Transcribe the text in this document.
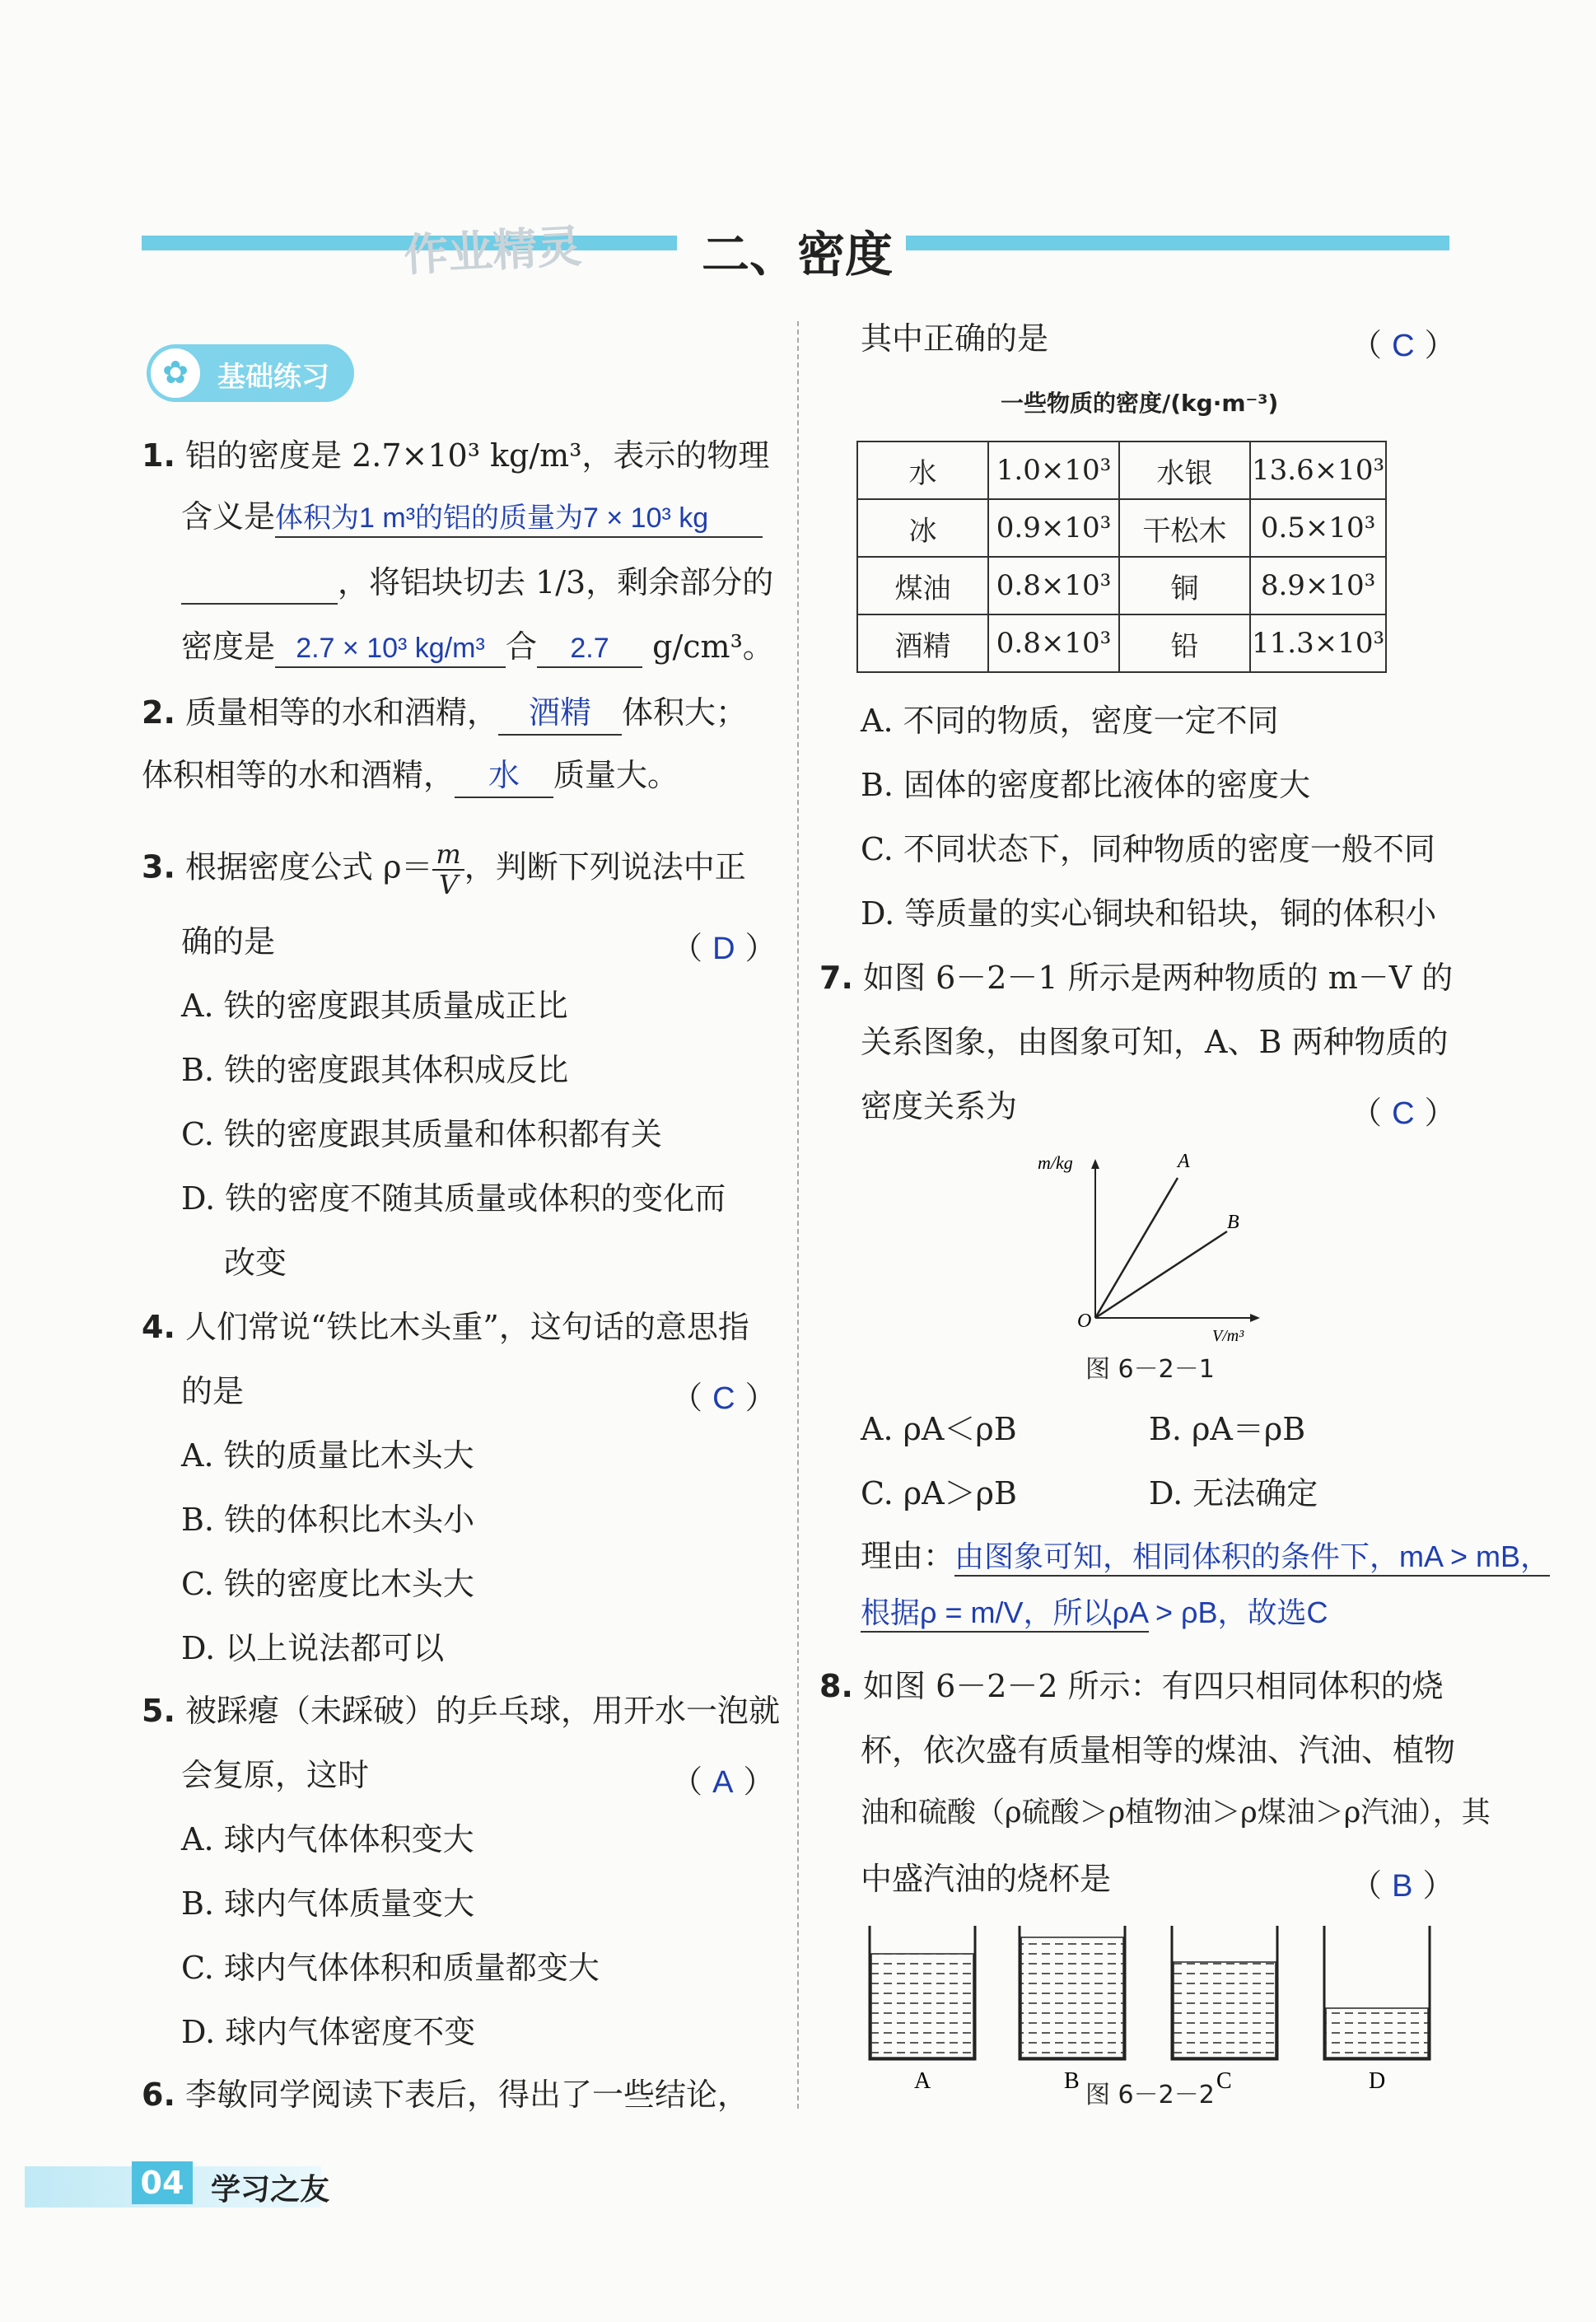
作业精灵 二、密度
✿	基础练习
1. 铝的密度是 2.7×10³ kg/m³，表示的物理
含义是体积为1 m³的铝的质量为7 × 10³ kg
，将铝块切去 1/3，剩余部分的
密度是 2.7 × 10³ kg/m³ 合 2.7 g/cm³。
2. 质量相等的水和酒精， 酒精 体积大；
体积相等的水和酒精， 水 质量大。
3. 根据密度公式 $\rho= \frac{m}{V}$ ，判断下列说法中正
确的是	（ D ）
A. 铁的密度跟其质量成正比
B. 铁的密度跟其体积成反比
C. 铁的密度跟其质量和体积都有关
D. 铁的密度不随其质量或体积的变化而
改变
4. 人们常说“铁比木头重”，这句话的意思指
的是	（ C ）
A. 铁的质量比木头大
B. 铁的体积比木头小
C. 铁的密度比木头大
D. 以上说法都可以
5. 被踩瘪（未踩破）的乒乓球，用开水一泡就
会复原，这时	（ A ）
A. 球内气体体积变大
B. 球内气体质量变大
C. 球内气体体积和质量都变大
D. 球内气体密度不变
6. 李敏同学阅读下表后，得出了一些结论，
其中正确的是	（ C ）
一些物质的密度/(kg·m⁻³)
水	1.0×10³	水银	13.6×10³
冰	0.9×10³	干松木	0.5×10³
煤油	0.8×10³	铜	8.9×10³
酒精	0.8×10³	铅	11.3×10³
A. 不同的物质，密度一定不同
B. 固体的密度都比液体的密度大
C. 不同状态下，同种物质的密度一般不同
D. 等质量的实心铜块和铅块，铜的体积小
7. 如图 6－2－1 所示是两种物质的 m－V 的
关系图象，由图象可知，A、B 两种物质的
密度关系为	（ C ）
m/kg
V/m³
O
A
B
图 6－2－1
A. ρA＜ρB	B. ρA＝ρB
C. ρA＞ρB	D. 无法确定
理由：由图象可知，相同体积的条件下，mA > mB，
根据ρ = m/V，所以ρA > ρB，故选C
8. 如图 6－2－2 所示：有四只相同体积的烧
杯，依次盛有质量相等的煤油、汽油、植物
油和硫酸（ρ硫酸＞ρ植物油＞ρ煤油＞ρ汽油），其
中盛汽油的烧杯是	（ B ）
A	B	C	D
图 6－2－2
04 学习之友
